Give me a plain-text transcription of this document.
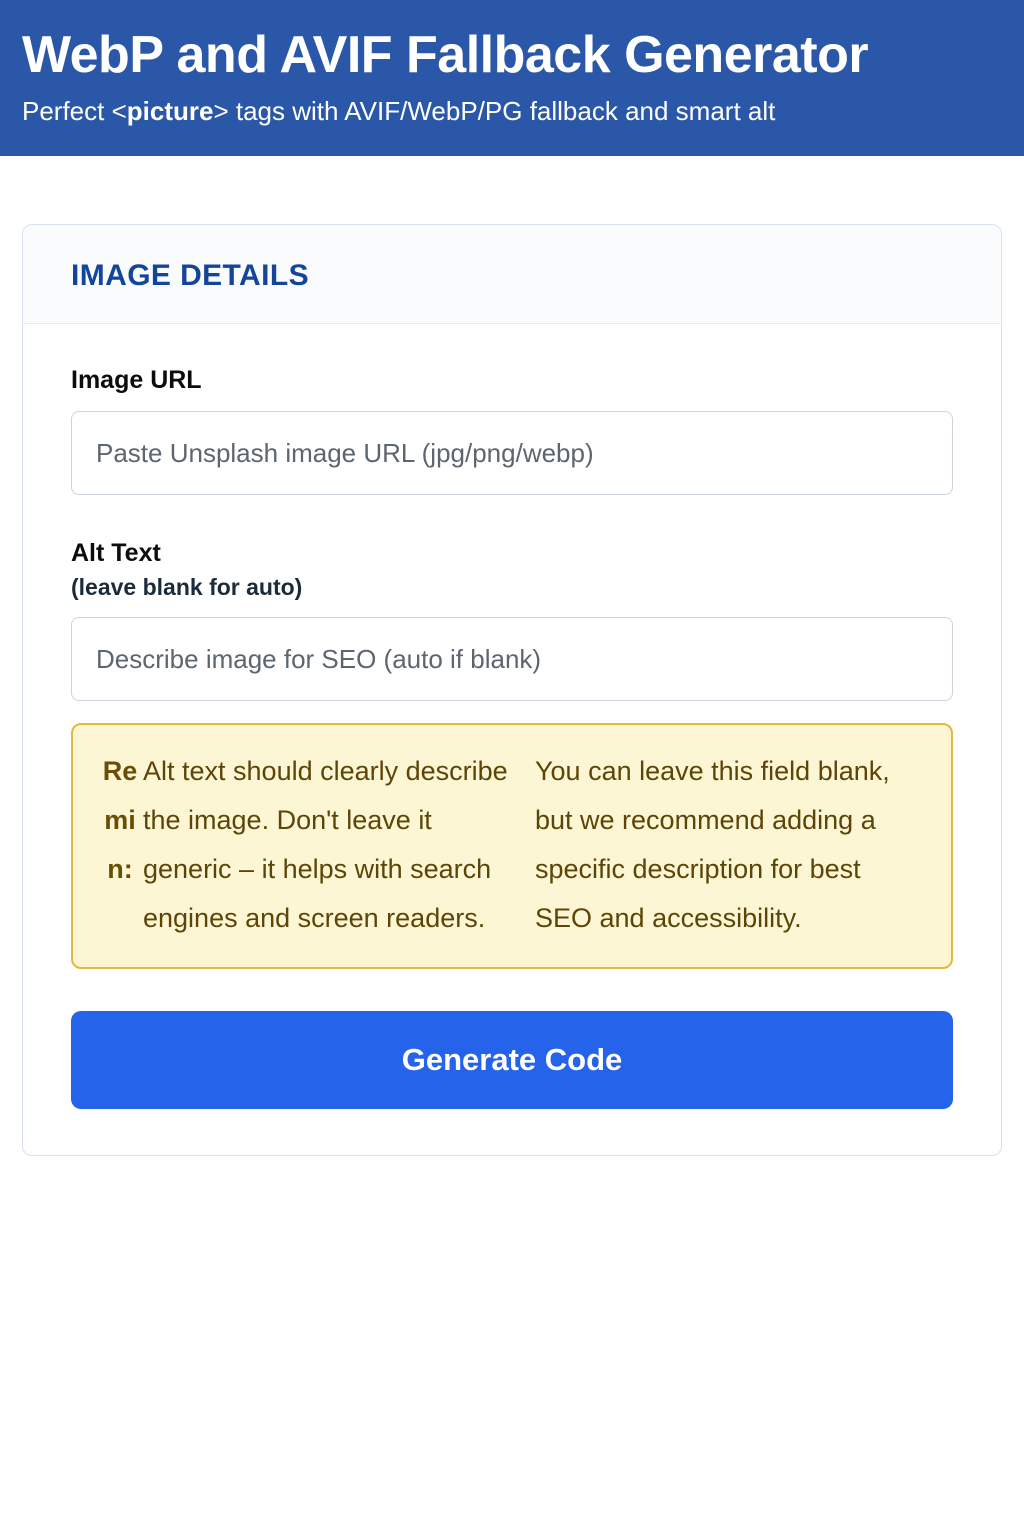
WebP and AVIF Fallback Generator

Perfect <picture> tags with AVIF/WebP/PG fallback and smart alt

IMAGE DETAILS
Image URL
Paste Unsplash image URL (jpg/png/webp)
Alt Text
(leave blank for auto)
Describe image for SEO (auto if blank)
Remin:
Alt text should clearly describe the image. Don't leave it generic – it helps with search engines and screen readers.
You can leave this field blank, but we recommend adding a specific description for best SEO and accessibility.
Generate Code
